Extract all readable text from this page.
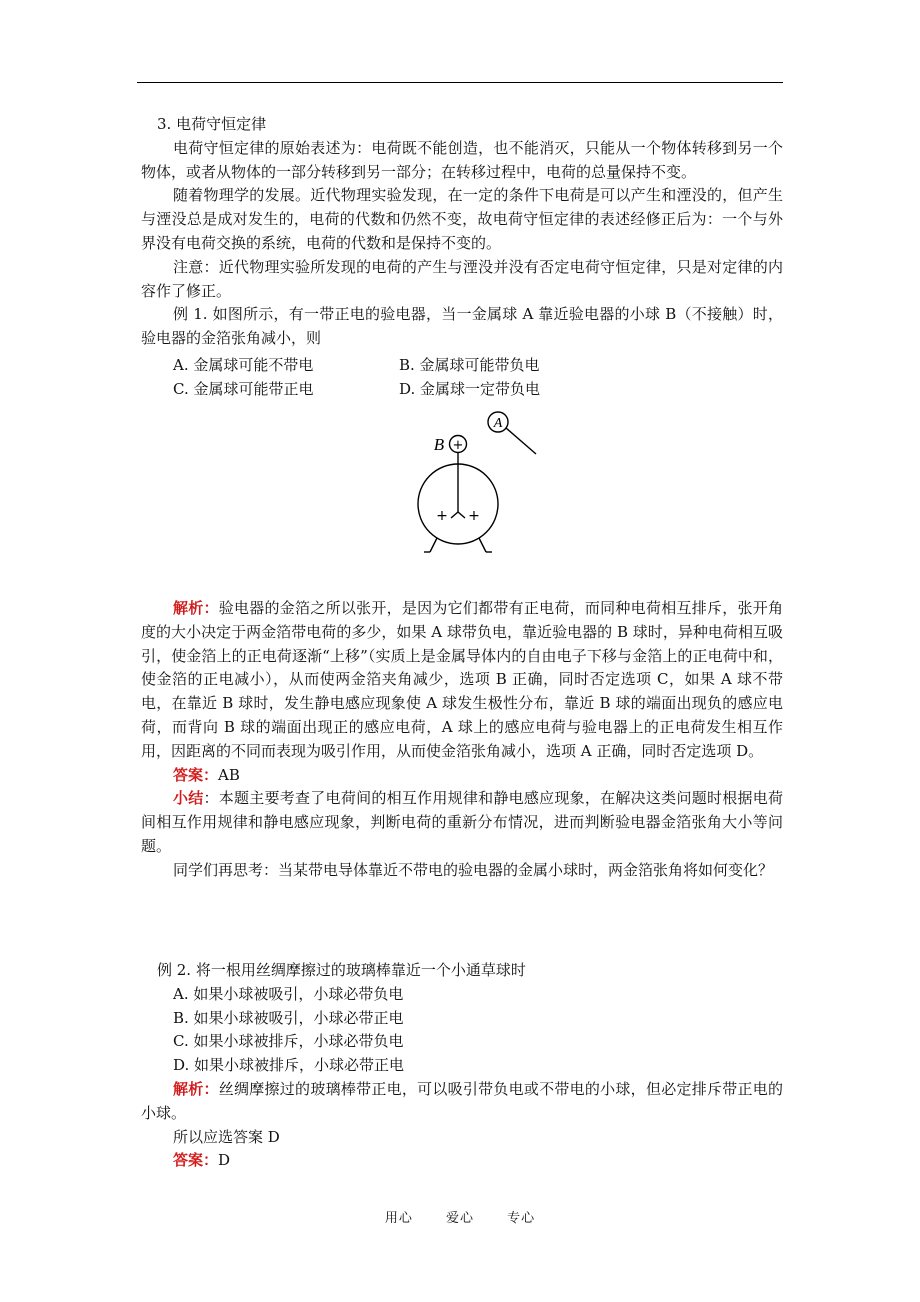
3. 电荷守恒定律

电荷守恒定律的原始表述为：电荷既不能创造，也不能消灭，只能从一个物体转移到另一个物体，或者从物体的一部分转移到另一部分；在转移过程中，电荷的总量保持不变。

随着物理学的发展。近代物理实验发现，在一定的条件下电荷是可以产生和湮没的，但产生与湮没总是成对发生的，电荷的代数和仍然不变，故电荷守恒定律的表述经修正后为：一个与外界没有电荷交换的系统，电荷的代数和是保持不变的。

注意：近代物理实验所发现的电荷的产生与湮没并没有否定电荷守恒定律，只是对定律的内容作了修正。

例 1. 如图所示，有一带正电的验电器，当一金属球 A 靠近验电器的小球 B（不接触）时，验电器的金箔张角减小，则

A. 金属球可能不带电	B. 金属球可能带负电
C. 金属球可能带正电	D. 金属球一定带负电
A
B +
+ +

解析：验电器的金箔之所以张开，是因为它们都带有正电荷，而同种电荷相互排斥，张开角度的大小决定于两金箔带电荷的多少，如果 A 球带负电，靠近验电器的 B 球时，异种电荷相互吸引，使金箔上的正电荷逐渐“上移”（实质上是金属导体内的自由电子下移与金箔上的正电荷中和，使金箔的正电减小），从而使两金箔夹角减少，选项 B 正确，同时否定选项 C，如果 A 球不带电，在靠近 B 球时，发生静电感应现象使 A 球发生极性分布，靠近 B 球的端面出现负的感应电荷，而背向 B 球的端面出现正的感应电荷，A 球上的感应电荷与验电器上的正电荷发生相互作用，因距离的不同而表现为吸引作用，从而使金箔张角减小，选项 A 正确，同时否定选项 D。

答案：AB

小结：本题主要考查了电荷间的相互作用规律和静电感应现象，在解决这类问题时根据电荷间相互作用规律和静电感应现象，判断电荷的重新分布情况，进而判断验电器金箔张角大小等问题。

同学们再思考：当某带电导体靠近不带电的验电器的金属小球时，两金箔张角将如何变化？

例 2. 将一根用丝绸摩擦过的玻璃棒靠近一个小通草球时

A. 如果小球被吸引，小球必带负电

B. 如果小球被吸引，小球必带正电

C. 如果小球被排斥，小球必带负电

D. 如果小球被排斥，小球必带正电

解析：丝绸摩擦过的玻璃棒带正电，可以吸引带负电或不带电的小球，但必定排斥带正电的小球。

所以应选答案 D

答案：D

用心	爱心	专心
